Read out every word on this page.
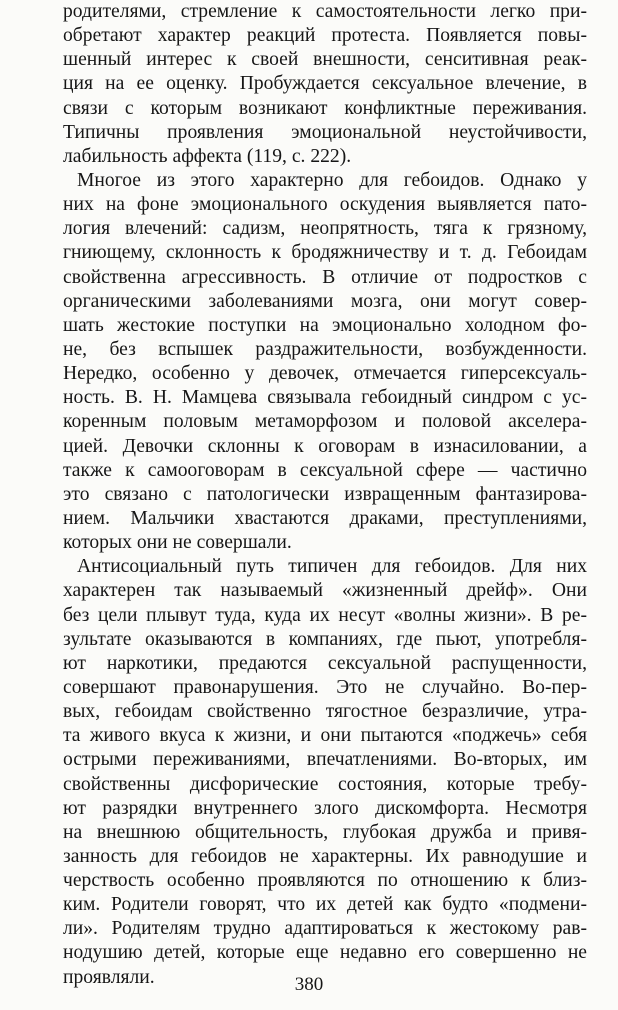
родителями, стремление к самостоятельности легко при-
обретают характер реакций протеста. Появляется повы-
шенный интерес к своей внешности, сенситивная реак-
ция на ее оценку. Пробуждается сексуальное влечение, в
связи с которым возникают конфликтные переживания.
Типичны проявления эмоциональной неустойчивости,
лабильность аффекта (119, с. 222).
Многое из этого характерно для гебоидов. Однако у
них на фоне эмоционального оскудения выявляется пато-
логия влечений: садизм, неопрятность, тяга к грязному,
гниющему, склонность к бродяжничеству и т. д. Гебоидам
свойственна агрессивность. В отличие от подростков с
органическими заболеваниями мозга, они могут совер-
шать жестокие поступки на эмоционально холодном фо-
не, без вспышек раздражительности, возбужденности.
Нередко, особенно у девочек, отмечается гиперсексуаль-
ность. В. Н. Мамцева связывала гебоидный синдром с ус-
коренным половым метаморфозом и половой акселера-
цией. Девочки склонны к оговорам в изнасиловании, а
также к самооговорам в сексуальной сфере — частично
это связано с патологически извращенным фантазирова-
нием. Мальчики хвастаются драками, преступлениями,
которых они не совершали.
Антисоциальный путь типичен для гебоидов. Для них
характерен так называемый «жизненный дрейф». Они
без цели плывут туда, куда их несут «волны жизни». В ре-
зультате оказываются в компаниях, где пьют, употребля-
ют наркотики, предаются сексуальной распущенности,
совершают правонарушения. Это не случайно. Во-пер-
вых, гебоидам свойственно тягостное безразличие, утра-
та живого вкуса к жизни, и они пытаются «поджечь» себя
острыми переживаниями, впечатлениями. Во-вторых, им
свойственны дисфорические состояния, которые требу-
ют разрядки внутреннего злого дискомфорта. Несмотря
на внешнюю общительность, глубокая дружба и привя-
занность для гебоидов не характерны. Их равнодушие и
черствость особенно проявляются по отношению к близ-
ким. Родители говорят, что их детей как будто «подмени-
ли». Родителям трудно адаптироваться к жестокому рав-
нодушию детей, которые еще недавно его совершенно не
проявляли.	380
